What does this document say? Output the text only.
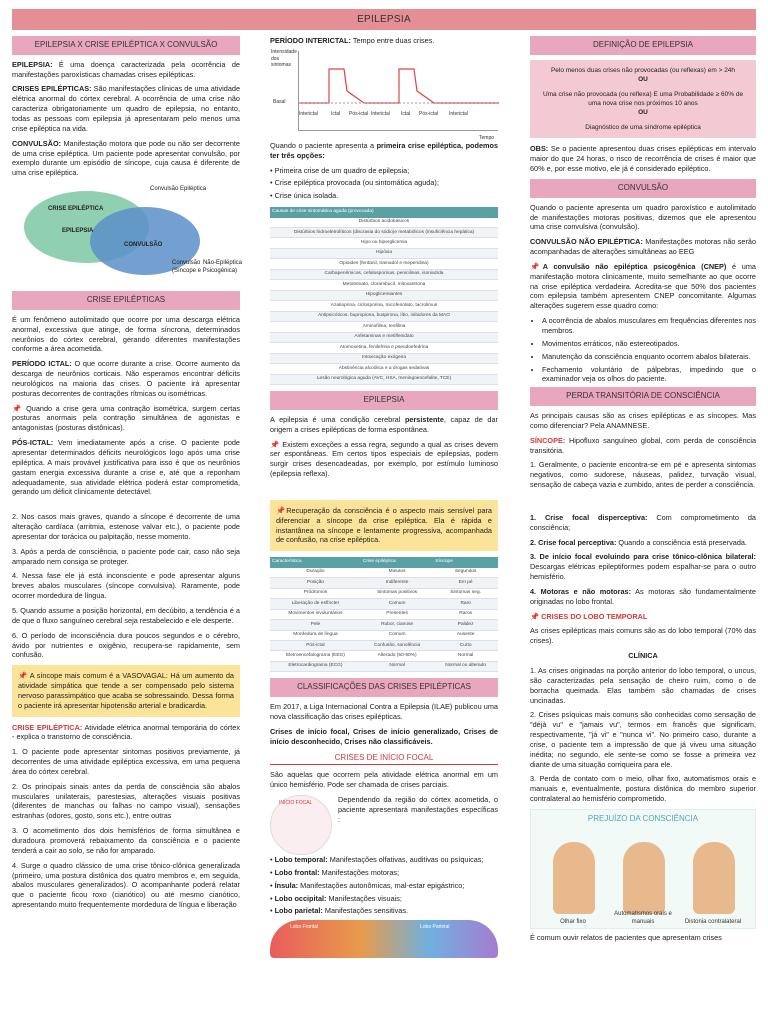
EPILEPSIA
EPILEPSIA X CRISE EPILÉPTICA X CONVULSÃO
EPILEPSIA: É uma doença caracterizada pela ocorrência de manifestações paroxísticas chamadas crises epilépticas.
CRISES EPILÉPTICAS: São manifestações clínicas de uma atividade elétrica anormal do córtex cerebral. A ocorrência de uma crise não caracteriza obrigatoriamente um quadro de epilepsia, no entanto, todas as pessoas com epilepsia já apresentaram pelo menos uma crise epiléptica na vida.
CONVULSÃO: Manifestação motora que pode ou não ser decorrente de uma crise epiléptica. Um paciente pode apresentar convulsão, por exemplo durante um episódio de síncope, cuja causa é diferente de uma crise epiléptica.
CRISE EPILÉPTICA
EPILEPSIA
CONVULSÃO
Convulsão Epiléptica
Convulsão Não-Epiléptica (Síncope e Psicogênica)
CRISE EPILÉPTICAS
É um fenômeno autolimitado que ocorre por uma descarga elétrica anormal, excessiva que atinge, de forma síncrona, determinados neurônios do córtex cerebral, gerando diferentes manifestações conforme a área acometida.
PERÍODO ICTAL: O que ocorre durante a crise. Ocorre aumento da descarga de neurônios corticais. Não esperamos encontrar déficits neurológicos na maioria das crises. O paciente irá apresentar posturas decorrentes de contrações rítmicas ou isométricas.
📌 Quando a crise gera uma contração isométrica, surgem certas posturas anormais pela contração simultânea de agonistas e antagonistas (posturas distônicas).
PÓS-ICTAL: Vem imediatamente após a crise. O paciente pode apresentar determinados déficits neurológicos logo após uma crise epiléptica. A mais provável justificativa para isso é que os neurônios gastam energia excessiva durante a crise e, até que a reponham adequadamente, sua atividade elétrica poderá estar comprometida, gerando um déficit clinicamente detectável.
2. Nos casos mais graves, quando a síncope é decorrente de uma alteração cardíaca (arritmia, estenose valvar etc.), o paciente pode apresentar dor torácica ou palpitação, nesse momento.
3. Após a perda de consciência, o paciente pode cair, caso não seja amparado nem consiga se proteger.
4. Nessa fase ele já está inconsciente e pode apresentar alguns breves abalos musculares (síncope convulsiva). Raramente, pode ocorrer mordedura de língua.
5. Quando assume a posição horizontal, em decúbito, a tendência é a de que o fluxo sanguíneo cerebral seja restabelecido e ele desperte.
6. O período de inconsciência dura poucos segundos e o cérebro, ávido por nutrientes e oxigênio, recupera-se rapidamente, sem confusão.
📌 A síncope mais comum é a VASOVAGAL: Há um aumento da atividade simpática que tende a ser compensado pelo sistema nervoso parassimpático que acaba se sobressaindo. Dessa forma o paciente irá apresentar hipotensão arterial e bradicardia.
CRISE EPILÉPTICA: Atividade elétrica anormal temporária do córtex - explica o transtorno de consciência.
1. O paciente pode apresentar sintomas positivos previamente, já decorrentes de uma atividade epiléptica excessiva, em uma pequena área do córtex cerebral.
2. Os principais sinais antes da perda de consciência são abalos musculares unilaterais, parestesias, alterações visuais positivas (diferentes de manchas ou falhas no campo visual), sensações estranhas (odores, gosto, sons etc.), entre outras
3. O acometimento dos dois hemisférios de forma simultânea e duradoura promoverá rebaixamento da consciência e o paciente tenderá a cair ao solo, se não for amparado.
4. Surge o quadro clássico de uma crise tônico-clônica generalizada (primeiro, uma postura distônica dos quatro membros e, em seguida, abalos musculares generalizados). O acompanhante poderá relatar que o paciente ficou roxo (cianótico) ou até mesmo cianótico, apresentando muito frequentemente mordedura de língua e liberação
PERÍODO INTERICTAL: Tempo entre duas crises.
Intensidade dos sintomas
Basal
Interictal	Ictal Pós-ictal Interictal Ictal Pós-ictal Interictal
Tempo
Quando o paciente apresenta a primeira crise epiléptica, podemos ter três opções:
• Primeira crise de um quadro de epilepsia;
• Crise epiléptica provocada (ou sintomática aguda);
• Crise única isolada.
Causas de crise sintomática aguda (provocada)
Distúrbios acidobásicos
Distúrbios hidroeletrolíticos (discrasia do sódio)e metabólicos (insuficiência hepática)
Hipo ou hiperglicemia
Hipóxia
Opioides (fentanil, tramadol e meperidina)
Carbapenêmicos, cefalosporinas, penicilinas, isoniazida
Metotrexato, clorambucil, mitoxantrona
Hipoglicemiantes
Azatioprina, ciclosporina, micofenolato, tacrolimus
Antipsicóticos, bupropiona, buspirona, lítio, inibidores da MAO
Aminofilina, teofilina
Anfetaminas e metilfenidato
Atomoxetina, fenilefrina e pseudoefedrina
Intoxicação exógena
Abstinência alcoólica e a drogas sedativas
Lesão neurológica aguda (AVC, HSA, meningoencefalite, TCE)
EPILEPSIA
A epilepsia é uma condição cerebral persistente, capaz de dar origem a crises epilépticas de forma espontânea.
📌 Existem exceções a essa regra, segundo a qual as crises devem ser espontâneas. Em certos tipos especiais de epilepsias, podem surgir crises desencadeadas, por exemplo, por estímulo luminoso (epilepsia reflexa).
📌Recuperação da consciência é o aspecto mais sensível para diferenciar a síncope da crise epiléptica. Ela é rápida e instantânea na síncope e lentamente progressiva, acompanhada de confusão, na crise epiléptica.
Característica	Crise epiléptica	Síncope
Duração	Minutos	Segundos
Posição	Indiferente	Em pé
Pródromos	Sintomas positivos	Sintomas neg.
Liberação de esfíncter	Comum	Raro
Movimentos involuntários	Presentes	Raros
Pele	Rubor, cianose	Palidez
Mordedura de língua	Comum	Ausente
Pós-ictal	Confusão, sonolência	Curto
Eletroencefalograma (EEG)	Alterado (50-90%)	Normal
Eletrocardiograma (ECG)	Normal	Normal ou alterado
CLASSIFICAÇÕES DAS CRISES EPILÉPTICAS
Em 2017, a Liga Internacional Contra a Epilepsia (ILAE) publicou uma nova classificação das crises epilépticas.
Crises de início focal, Crises de início generalizado, Crises de início desconhecido, Crises não classificáveis.
CRISES DE INÍCIO FOCAL
São aquelas que ocorrem pela atividade elétrica anormal em um único hemisfério. Pode ser chamada de crises parciais.
INÍCIO FOCAL	Dependendo da região do córtex acometida, o paciente apresentará manifestações específicas :
• Lobo temporal: Manifestações olfativas, auditivas ou psíquicas;
• Lobo frontal: Manifestações motoras;
• Ínsula: Manifestações autonômicas, mal-estar epigástrico;
• Lobo occipital: Manifestações visuais;
• Lobo parietal: Manifestações sensitivas.
Lobo Frontal	Lobo Parietal
DEFINIÇÃO DE EPILEPSIA
Pelo menos duas crises não provocadas (ou reflexas) em > 24h
OU
Uma crise não provocada (ou reflexa) E uma Probabilidade ≥ 60% de uma nova crise nos próximos 10 anos
OU
Diagnóstico de uma síndrome epiléptica
OBS: Se o paciente apresentou duas crises epilépticas em intervalo maior do que 24 horas, o risco de recorrência de crises é maior que 60% e, por esse motivo, ele já é considerado epiléptico.
CONVULSÃO
Quando o paciente apresenta um quadro paroxístico e autolimitado de manifestações motoras positivas, dizemos que ele apresentou uma crise convulsiva (convulsão).
CONVULSÃO NÃO EPILÉPTICA: Manifestações motoras não serão acompanhadas de alterações simultâneas ao EEG
📌A convulsão não epiléptica psicogênica (CNEP) é uma manifestação motora clinicamente, muito semelhante ao que ocorre na crise epiléptica verdadeira. Acredita-se que 50% dos pacientes com epilepsia também apresentem CNEP concomitante. Algumas alterações sugerem esse quadro como:
• A ocorrência de abalos musculares em frequências diferentes nos membros.
• Movimentos erráticos, não estereotipados.
• Manutenção da consciência enquanto ocorrem abalos bilaterais.
• Fechamento voluntário de pálpebras, impedindo que o examinador veja os olhos do paciente.
PERDA TRANSITÓRIA DE CONSCIÊNCIA
As principais causas são as crises epilépticas e as síncopes. Mas como diferenciar? Pela ANAMNESE.
SÍNCOPE: Hipofluxo sanguíneo global, com perda de consciência transitória.
1. Geralmente, o paciente encontra-se em pé e apresenta sintomas negativos, como sudorese, náuseas, palidez, turvação visual, sensação de cabeça vazia e zumbido, antes de perder a consciência.
1. Crise focal disperceptiva: Com comprometimento da consciência;
2. Crise focal perceptiva: Quando a consciência está preservada.
3. De início focal evoluindo para crise tônico-clônica bilateral: Descargas elétricas epileptiformes podem espalhar-se para o outro hemisfério.
4. Motoras e não motoras: As motoras são fundamentalmente originadas no lobo frontal.
📌 CRISES DO LOBO TEMPORAL
As crises epilépticas mais comuns são as do lobo temporal (70% das crises).
CLÍNICA
1. As crises originadas na porção anterior do lobo temporal, o uncus, são caracterizadas pela sensação de cheiro ruim, como o de borracha queimada. Elas também são chamadas de crises uncinadas.
2. Crises psíquicas mais comuns são conhecidas como sensação de "déjà vu" e "jamais vu", termos em francês que significam, respectivamente, "já vi" e "nunca vi". No primeiro caso, durante a crise, o paciente tem a impressão de que já viveu uma situação inédita; no segundo, ele sente-se como se fosse a primeira vez diante de uma situação corriqueira para ele.
3. Perda de contato com o meio, olhar fixo, automatismos orais e manuais e, eventualmente, postura distônica do membro superior contralateral ao hemisfério comprometido.
PREJUÍZO DA CONSCIÊNCIA
Olhar fixo
Automatismos orais e manuais	Distonia contralateral
É comum ouvir relatos de pacientes que apresentam crises
